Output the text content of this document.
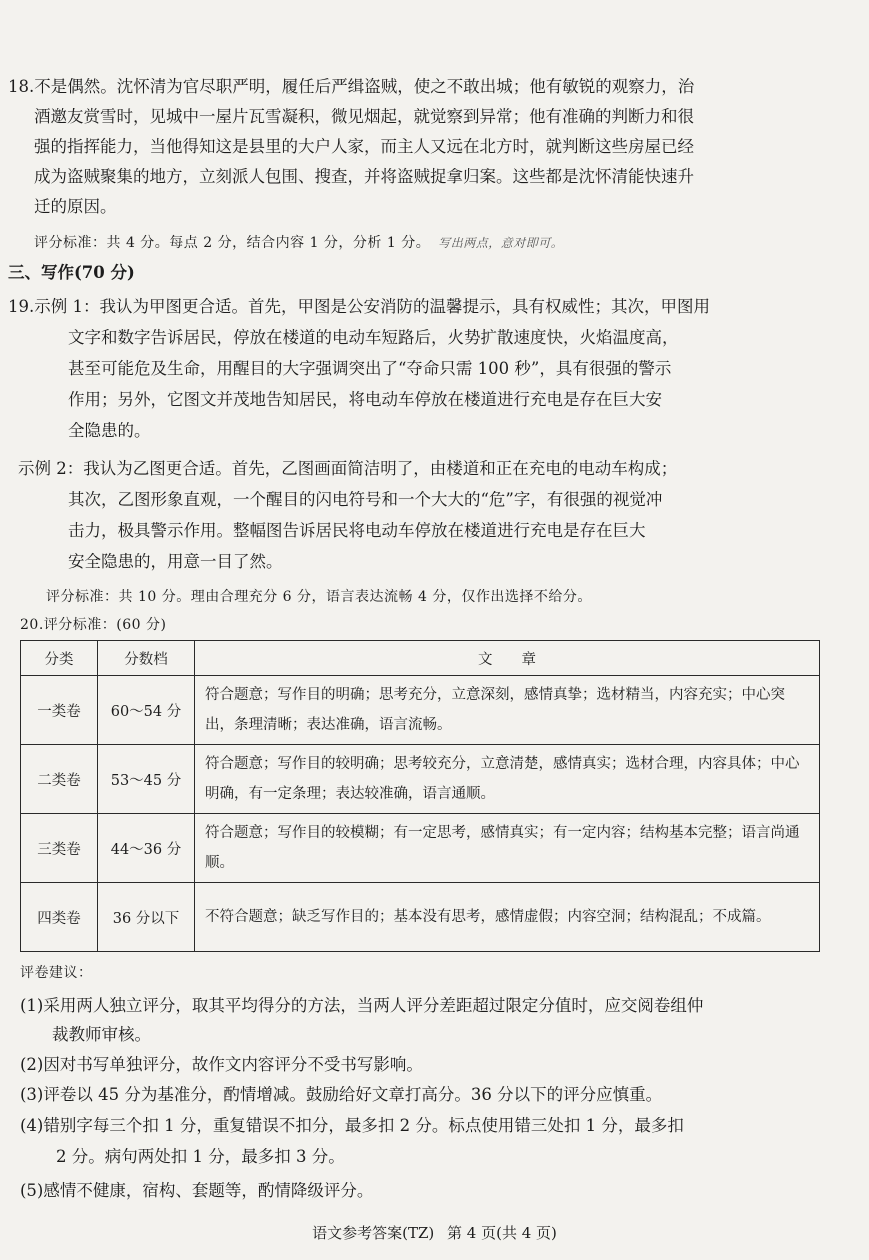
18.不是偶然。沈怀清为官尽职严明，履任后严缉盗贼，使之不敢出城；他有敏锐的观察力，治
酒邀友赏雪时，见城中一屋片瓦雪凝积，微见烟起，就觉察到异常；他有准确的判断力和很
强的指挥能力，当他得知这是县里的大户人家，而主人又远在北方时，就判断这些房屋已经
成为盗贼聚集的地方，立刻派人包围、搜查，并将盗贼捉拿归案。这些都是沈怀清能快速升
迁的原因。
评分标准：共 4 分。每点 2 分，结合内容 1 分，分析 1 分。 写出两点，意对即可。
三、写作(70 分)
19.示例 1：我认为甲图更合适。首先，甲图是公安消防的温馨提示，具有权威性；其次，甲图用
文字和数字告诉居民，停放在楼道的电动车短路后，火势扩散速度快，火焰温度高，
甚至可能危及生命，用醒目的大字强调突出了“夺命只需 100 秒”，具有很强的警示
作用；另外，它图文并茂地告知居民，将电动车停放在楼道进行充电是存在巨大安
全隐患的。
示例 2：我认为乙图更合适。首先，乙图画面简洁明了，由楼道和正在充电的电动车构成；
其次，乙图形象直观，一个醒目的闪电符号和一个大大的“危”字，有很强的视觉冲
击力，极具警示作用。整幅图告诉居民将电动车停放在楼道进行充电是存在巨大
安全隐患的，用意一目了然。
评分标准：共 10 分。理由合理充分 6 分，语言表达流畅 4 分，仅作出选择不给分。
20.评分标准：(60 分)
分类	分数档	文　　章
一类卷	60～54 分	符合题意；写作目的明确；思考充分，立意深刻，感情真挚；选材精当，内容充实；中心突出，条理清晰；表达准确，语言流畅。
二类卷	53～45 分	符合题意；写作目的较明确；思考较充分，立意清楚，感情真实；选材合理，内容具体；中心明确，有一定条理；表达较准确，语言通顺。
三类卷	44～36 分	符合题意；写作目的较模糊；有一定思考，感情真实；有一定内容；结构基本完整；语言尚通顺。
四类卷	36 分以下	不符合题意；缺乏写作目的；基本没有思考，感情虚假；内容空洞；结构混乱；不成篇。
评卷建议：
(1)采用两人独立评分，取其平均得分的方法，当两人评分差距超过限定分值时，应交阅卷组仲
裁教师审核。
(2)因对书写单独评分，故作文内容评分不受书写影响。
(3)评卷以 45 分为基准分，酌情增减。鼓励给好文章打高分。36 分以下的评分应慎重。
(4)错别字每三个扣 1 分，重复错误不扣分，最多扣 2 分。标点使用错三处扣 1 分，最多扣
2 分。病句两处扣 1 分，最多扣 3 分。
(5)感情不健康，宿构、套题等，酌情降级评分。
语文参考答案(TZ) 第 4 页(共 4 页)
